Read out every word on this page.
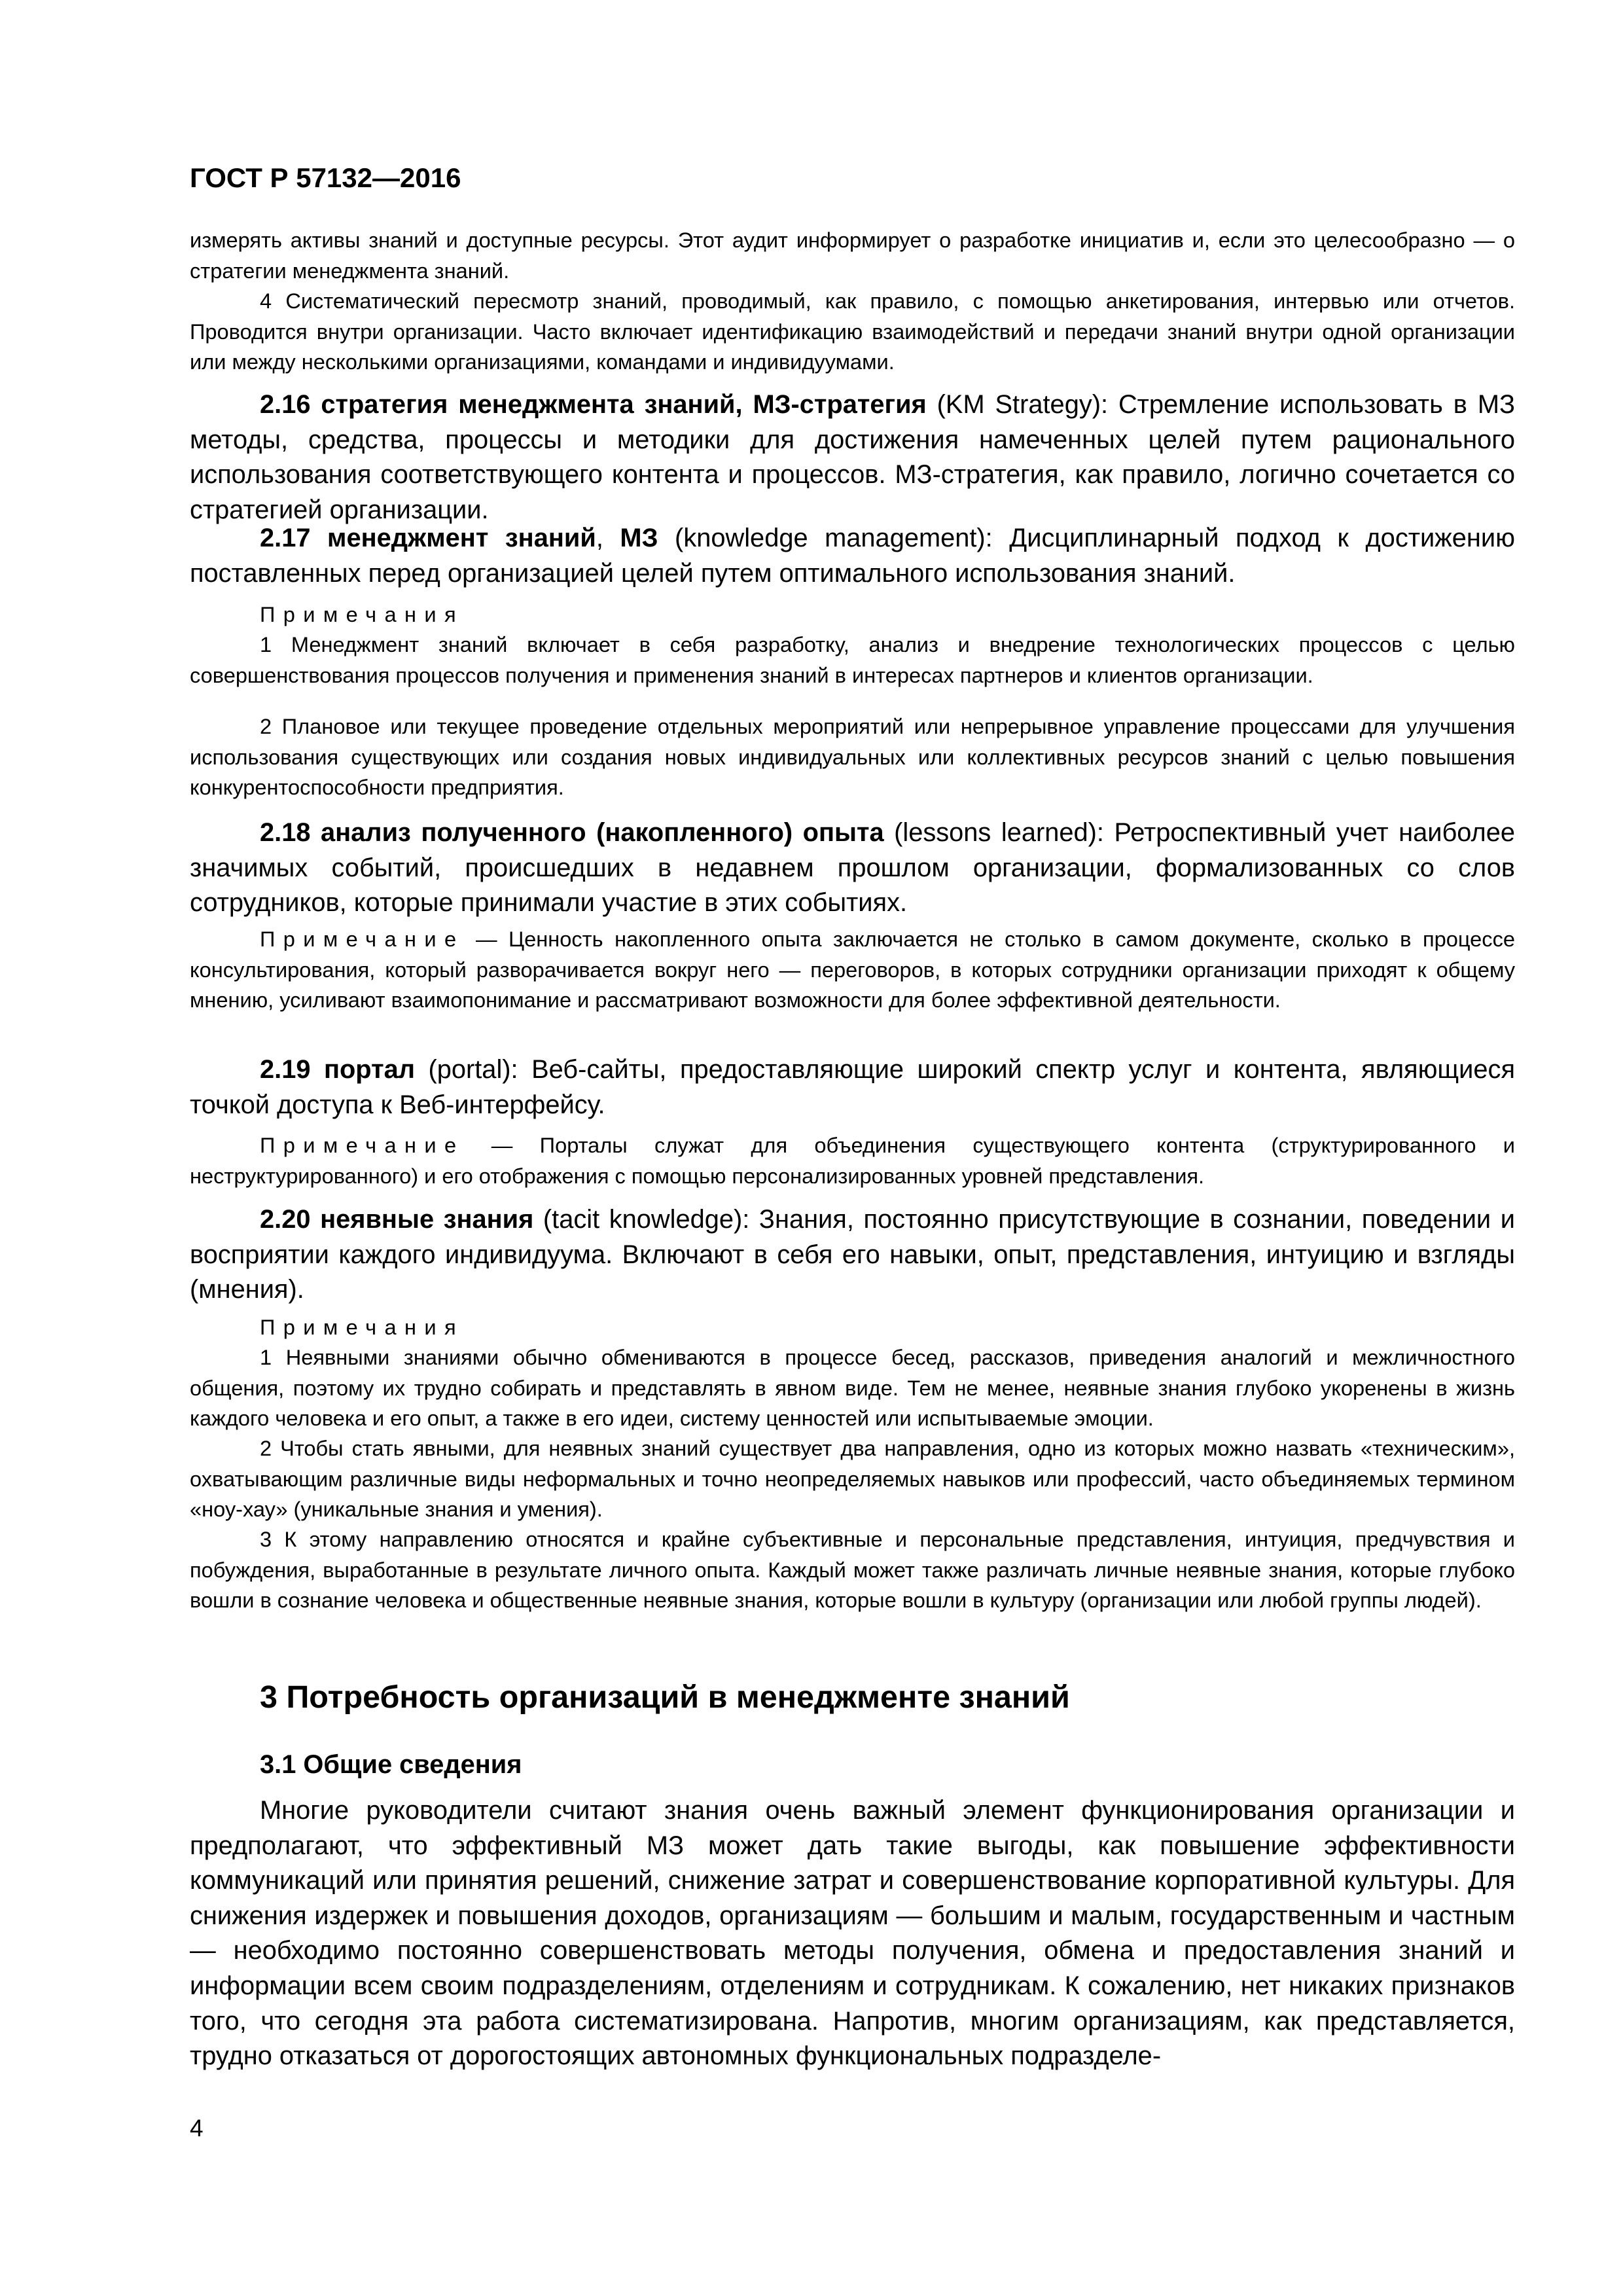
ГОСТ Р 57132—2016

измерять активы знаний и доступные ресурсы. Этот аудит информирует о разработке инициатив и, если это целесообразно — о стратегии менеджмента знаний.

4 Систематический пересмотр знаний, проводимый, как правило, с помощью анкетирования, интервью или отчетов. Проводится внутри организации. Часто включает идентификацию взаимодействий и передачи знаний внутри одной организации или между несколькими организациями, командами и индивидуумами.

2.16 стратегия менеджмента знаний, МЗ-стратегия (KM Strategy): Стремление использовать в МЗ методы, средства, процессы и методики для достижения намеченных целей путем рационального использования соответствующего контента и процессов. МЗ-стратегия, как правило, логично сочетается со стратегией организации.

2.17 менеджмент знаний, МЗ (knowledge management): Дисциплинарный подход к достижению поставленных перед организацией целей путем оптимального использования знаний.

Примечания

1 Менеджмент знаний включает в себя разработку, анализ и внедрение технологических процессов с целью совершенствования процессов получения и применения знаний в интересах партнеров и клиентов организации.

2 Плановое или текущее проведение отдельных мероприятий или непрерывное управление процессами для улучшения использования существующих или создания новых индивидуальных или коллективных ресурсов знаний с целью повышения конкурентоспособности предприятия.

2.18 анализ полученного (накопленного) опыта (lessons learned): Ретроспективный учет наиболее значимых событий, происшедших в недавнем прошлом организации, формализованных со слов сотрудников, которые принимали участие в этих событиях.

Примечание — Ценность накопленного опыта заключается не столько в самом документе, сколько в процессе консультирования, который разворачивается вокруг него — переговоров, в которых сотрудники организации приходят к общему мнению, усиливают взаимопонимание и рассматривают возможности для более эффективной деятельности.

2.19 портал (portal): Веб-сайты, предоставляющие широкий спектр услуг и контента, являющиеся точкой доступа к Веб-интерфейсу.

Примечание — Порталы служат для объединения существующего контента (структурированного и неструктурированного) и его отображения с помощью персонализированных уровней представления.

2.20 неявные знания (tacit knowledge): Знания, постоянно присутствующие в сознании, поведении и восприятии каждого индивидуума. Включают в себя его навыки, опыт, представления, интуицию и взгляды (мнения).

Примечания

1 Неявными знаниями обычно обмениваются в процессе бесед, рассказов, приведения аналогий и межличностного общения, поэтому их трудно собирать и представлять в явном виде. Тем не менее, неявные знания глубоко укоренены в жизнь каждого человека и его опыт, а также в его идеи, систему ценностей или испытываемые эмоции.

2 Чтобы стать явными, для неявных знаний существует два направления, одно из которых можно назвать «техническим», охватывающим различные виды неформальных и точно неопределяемых навыков или профессий, часто объединяемых термином «ноу-хау» (уникальные знания и умения).

3 К этому направлению относятся и крайне субъективные и персональные представления, интуиция, предчувствия и побуждения, выработанные в результате личного опыта. Каждый может также различать личные неявные знания, которые глубоко вошли в сознание человека и общественные неявные знания, которые вошли в культуру (организации или любой группы людей).

3 Потребность организаций в менеджменте знаний
3.1 Общие сведения

Многие руководители считают знания очень важный элемент функционирования организации и предполагают, что эффективный МЗ может дать такие выгоды, как повышение эффективности коммуникаций или принятия решений, снижение затрат и совершенствование корпоративной культуры. Для снижения издержек и повышения доходов, организациям — большим и малым, государственным и частным — необходимо постоянно совершенствовать методы получения, обмена и предоставления знаний и информации всем своим подразделениям, отделениям и сотрудникам. К сожалению, нет никаких признаков того, что сегодня эта работа систематизирована. Напротив, многим организациям, как представляется, трудно отказаться от дорогостоящих автономных функциональных подразделе-

4
